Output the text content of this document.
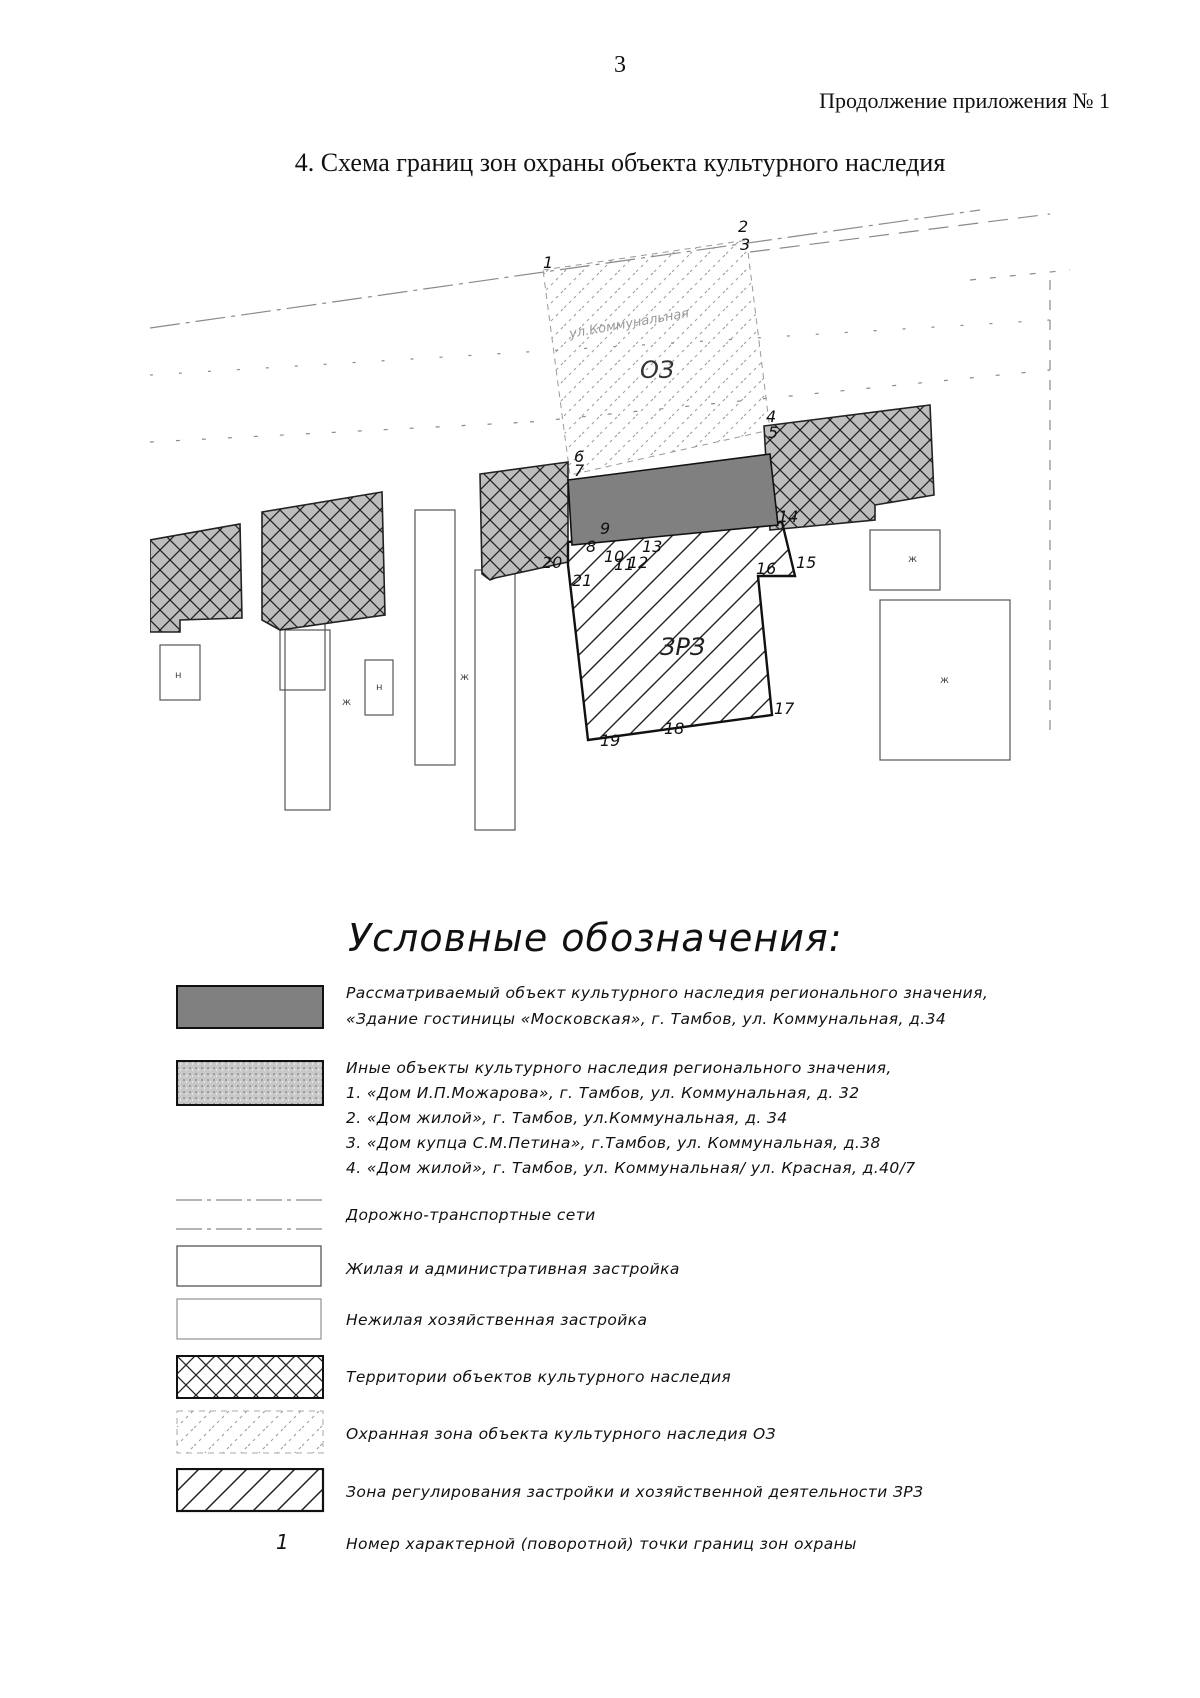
3
Продолжение приложения № 1
4. Схема границ зон охраны объекта культурного наследия
ул.Коммунальная
ОЗ
н
н
ж
ж	ж
ж
ЗРЗ
1
2
3
4
5
6
7
8
9
10
11
12
13
14
15
16
17
18
19
20
21
Условные обозначения:
Рассматриваемый объект культурного наследия регионального значения,
«Здание гостиницы «Московская», г. Тамбов, ул. Коммунальная, д.34
Иные объекты культурного наследия регионального значения,
1. «Дом И.П.Можарова», г. Тамбов, ул. Коммунальная, д. 32
2. «Дом жилой», г. Тамбов, ул.Коммунальная, д. 34
3. «Дом купца С.М.Петина», г.Тамбов, ул. Коммунальная, д.38
4. «Дом жилой», г. Тамбов, ул. Коммунальная/ ул. Красная, д.40/7
Дорожно-транспортные сети
Жилая и административная застройка
Нежилая хозяйственная застройка
Территории объектов культурного наследия
Охранная зона объекта культурного наследия ОЗ
Зона регулирования застройки и хозяйственной деятельности ЗРЗ
1	Номер характерной (поворотной) точки границ зон охраны
